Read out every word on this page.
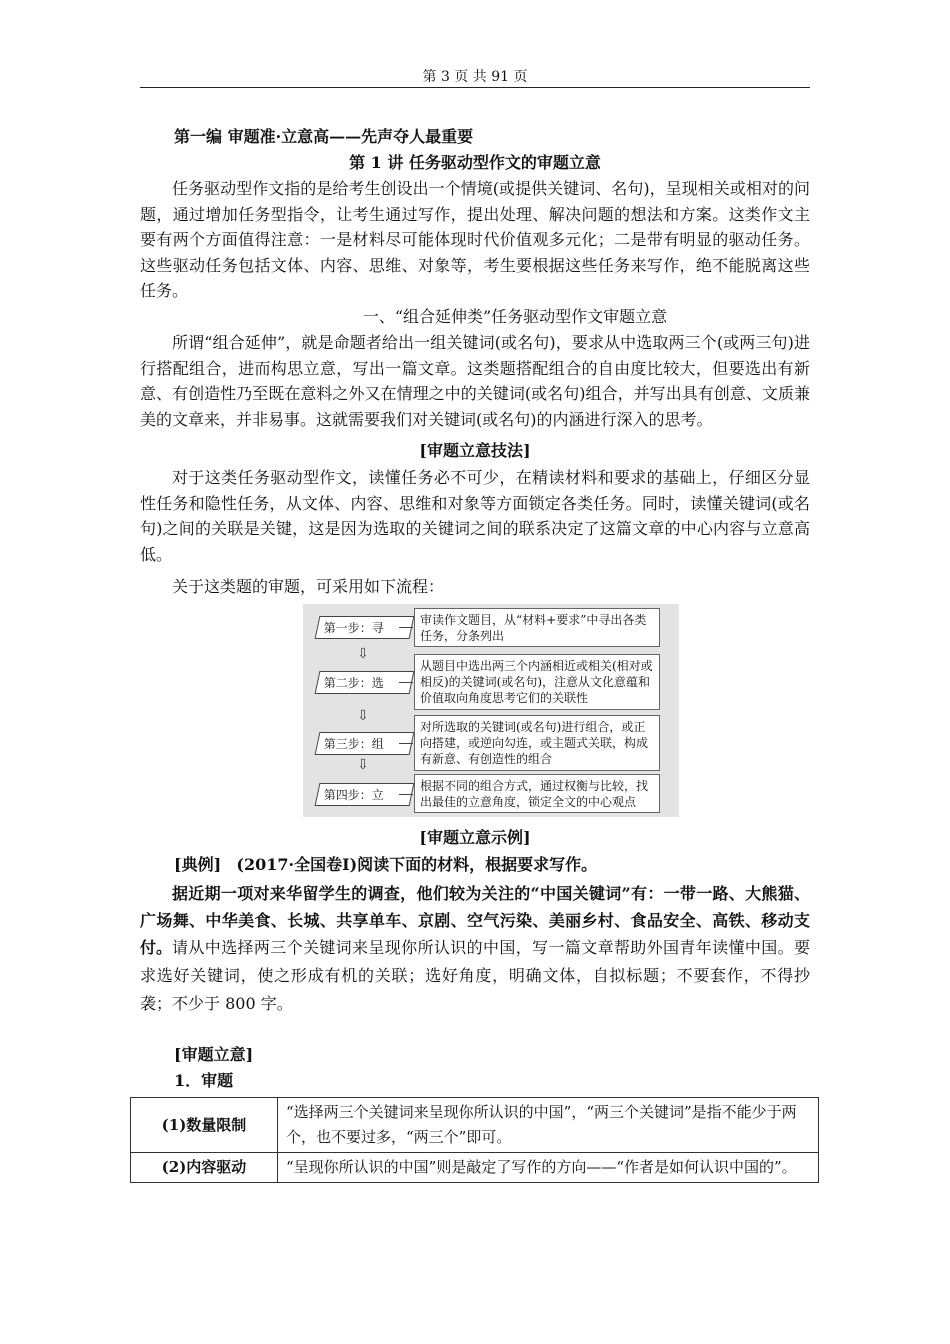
第 3 页 共 91 页

第一编 审题准·立意高——先声夺人最重要

第 1 讲 任务驱动型作文的审题立意

任务驱动型作文指的是给考生创设出一个情境(或提供关键词、名句)，呈现相关或相对的问题，通过增加任务型指令，让考生通过写作，提出处理、解决问题的想法和方案。这类作文主要有两个方面值得注意：一是材料尽可能体现时代价值观多元化；二是带有明显的驱动任务。这些驱动任务包括文体、内容、思维、对象等，考生要根据这些任务来写作，绝不能脱离这些任务。

一、“组合延伸类”任务驱动型作文审题立意

所谓“组合延伸”，就是命题者给出一组关键词(或名句)，要求从中选取两三个(或两三句)进行搭配组合，进而构思立意，写出一篇文章。这类题搭配组合的自由度比较大，但要选出有新意、有创造性乃至既在意料之外又在情理之中的关键词(或名句)组合，并写出具有创意、文质兼美的文章来，并非易事。这就需要我们对关键词(或名句)的内涵进行深入的思考。

[审题立意技法]

对于这类任务驱动型作文，读懂任务必不可少，在精读材料和要求的基础上，仔细区分显性任务和隐性任务，从文体、内容、思维和对象等方面锁定各类任务。同时，读懂关键词(或名句)之间的关联是关键，这是因为选取的关键词之间的联系决定了这篇文章的中心内容与立意高低。

关于这类题的审题，可采用如下流程：

第一步：寻
审读作文题目，从“材料+要求”中寻出各类任务，分条列出
⇩
第二步：选
从题目中选出两三个内涵相近或相关(相对或相反)的关键词(或名句)，注意从文化意蕴和价值取向角度思考它们的关联性
⇩
第三步：组
对所选取的关键词(或名句)进行组合，或正向搭建，或逆向勾连，或主题式关联，构成有新意、有创造性的组合
⇩
第四步：立
根据不同的组合方式，通过权衡与比较，找出最佳的立意角度，锁定全文的中心观点

[审题立意示例]

[典例] (2017·全国卷Ⅰ)阅读下面的材料，根据要求写作。

据近期一项对来华留学生的调查，他们较为关注的“中国关键词”有：一带一路、大熊猫、广场舞、中华美食、长城、共享单车、京剧、空气污染、美丽乡村、食品安全、高铁、移动支付。 请从中选择两三个关键词来呈现你所认识的中国，写一篇文章帮助外国青年读懂中国。要求选好关键词，使之形成有机的关联；选好角度，明确文体，自拟标题；不要套作，不得抄袭；不少于 800 字。

[审题立意]

1．审题

(1)数量限制	“选择两三个关键词来呈现你所认识的中国”，“两三个关键词”是指不能少于两个，也不要过多，“两三个”即可。
(2)内容驱动	“呈现你所认识的中国”则是敲定了写作的方向——“作者是如何认识中国的”。
